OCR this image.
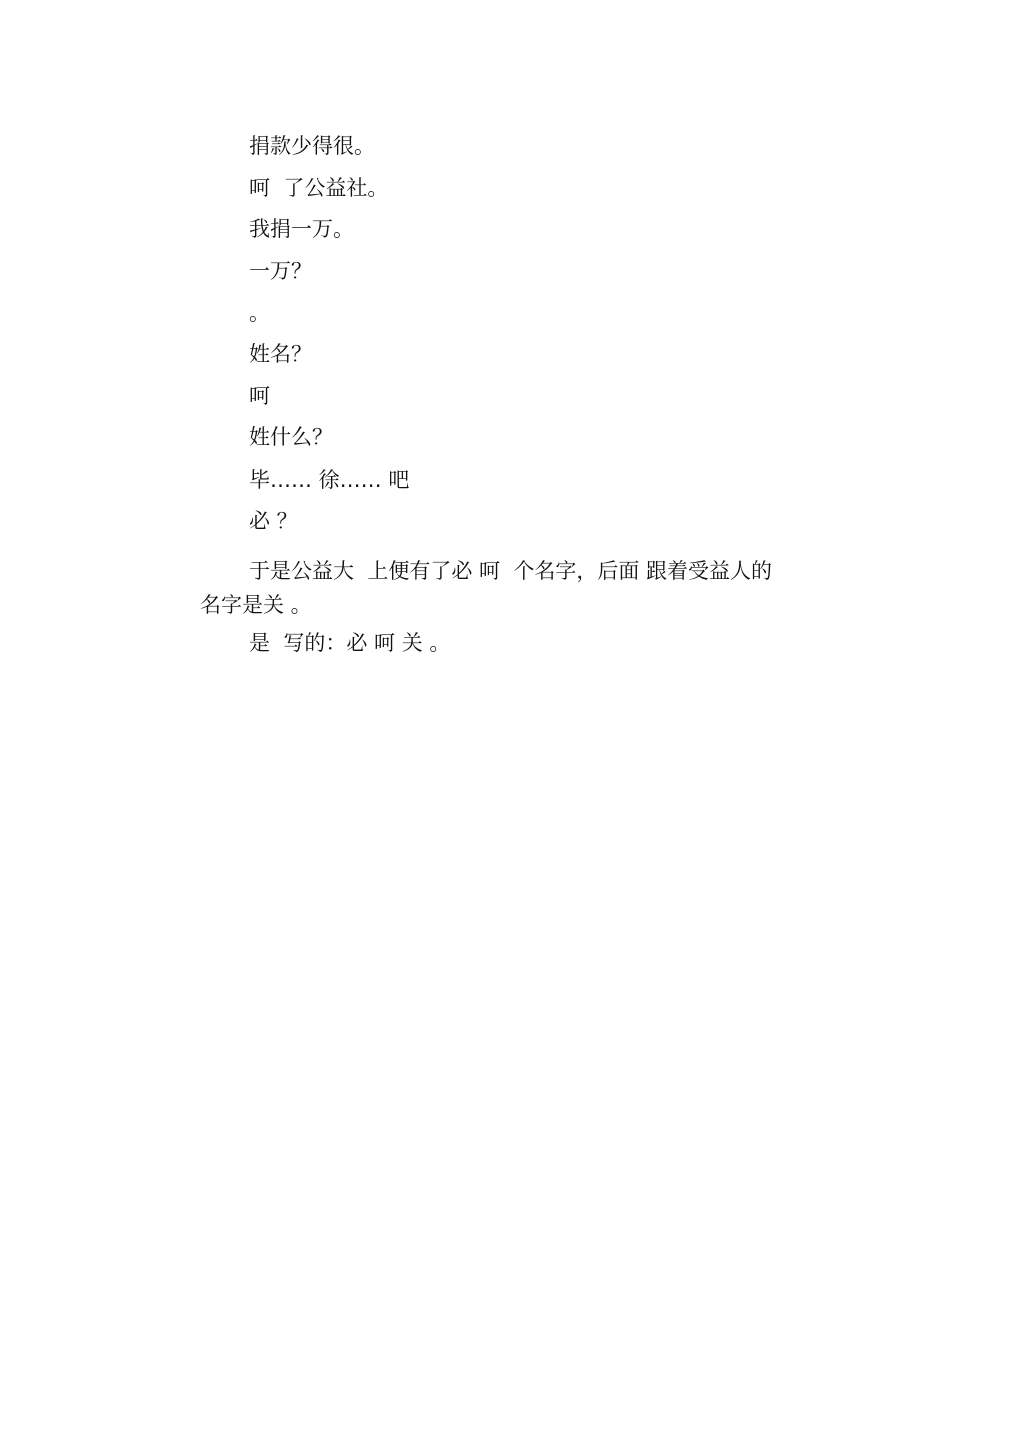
捐款少得很。
呵  了公益社。
我捐一万。
一万？
。
姓名？
呵
姓什么？
毕…… 徐…… 吧
必 ？
于是公益大  上便有了必 呵  个名字，后面 跟着受益人的
名字是关 。
是  写的：必 呵 关 。
